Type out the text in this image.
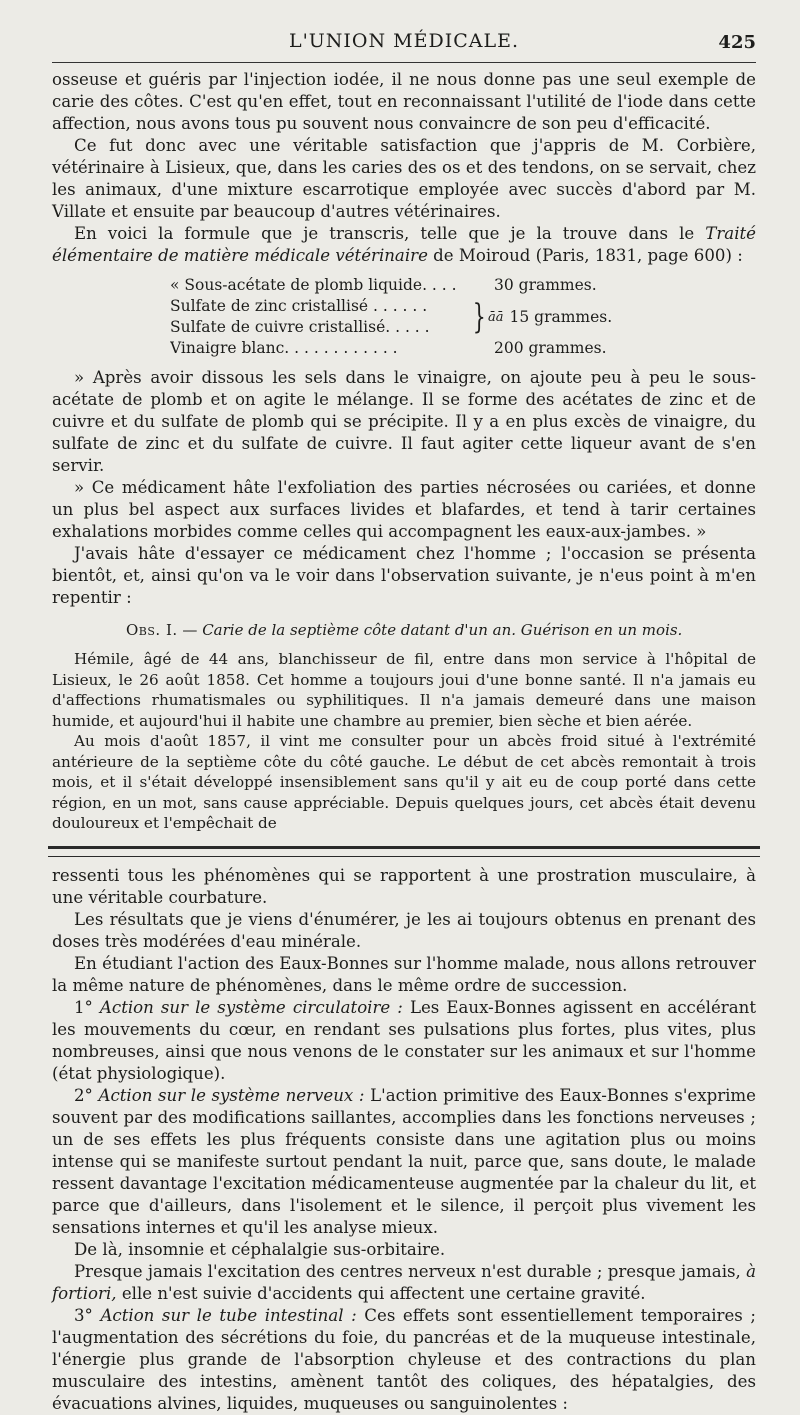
L'UNION MÉDICALE.	425

osseuse et guéris par l'injection iodée, il ne nous donne pas une seul exemple de carie des côtes. C'est qu'en effet, tout en reconnaissant l'utilité de l'iode dans cette affection, nous avons tous pu souvent nous convaincre de son peu d'efficacité.

Ce fut donc avec une véritable satisfaction que j'appris de M. Corbière, vétérinaire à Lisieux, que, dans les caries des os et des tendons, on se servait, chez les animaux, d'une mixture escarrotique employée avec succès d'abord par M. Villate et ensuite par beaucoup d'autres vétérinaires.

En voici la formule que je transcris, telle que je la trouve dans le Traité élémentaire de matière médicale vétérinaire de Moiroud (Paris, 1831, page 600) :

« Sous-acétate de plomb liquide. . . .	30 grammes.
Sulfate de zinc cristallisé . . . . . .
Sulfate de cuivre cristallisé. . . . .	} āā 15 grammes.
Vinaigre blanc. . . . . . . . . . . .	200 grammes.

» Après avoir dissous les sels dans le vinaigre, on ajoute peu à peu le sous-acétate de plomb et on agite le mélange. Il se forme des acétates de zinc et de cuivre et du sulfate de plomb qui se précipite. Il y a en plus excès de vinaigre, du sulfate de zinc et du sulfate de cuivre. Il faut agiter cette liqueur avant de s'en servir.

» Ce médicament hâte l'exfoliation des parties nécrosées ou cariées, et donne un plus bel aspect aux surfaces livides et blafardes, et tend à tarir certaines exhalations morbides comme celles qui accompagnent les eaux-aux-jambes. »

J'avais hâte d'essayer ce médicament chez l'homme ; l'occasion se présenta bientôt, et, ainsi qu'on va le voir dans l'observation suivante, je n'eus point à m'en repentir :

Obs. I. — Carie de la septième côte datant d'un an. Guérison en un mois.

Hémile, âgé de 44 ans, blanchisseur de fil, entre dans mon service à l'hôpital de Lisieux, le 26 août 1858. Cet homme a toujours joui d'une bonne santé. Il n'a jamais eu d'affections rhumatismales ou syphilitiques. Il n'a jamais demeuré dans une maison humide, et aujourd'hui il habite une chambre au premier, bien sèche et bien aérée.

Au mois d'août 1857, il vint me consulter pour un abcès froid situé à l'extrémité antérieure de la septième côte du côté gauche. Le début de cet abcès remontait à trois mois, et il s'était développé insensiblement sans qu'il y ait eu de coup porté dans cette région, en un mot, sans cause appréciable. Depuis quelques jours, cet abcès était devenu douloureux et l'empêchait de

ressenti tous les phénomènes qui se rapportent à une prostration musculaire, à une véritable courbature.

Les résultats que je viens d'énumérer, je les ai toujours obtenus en prenant des doses très modérées d'eau minérale.

En étudiant l'action des Eaux-Bonnes sur l'homme malade, nous allons retrouver la même nature de phénomènes, dans le même ordre de succession.

1° Action sur le système circulatoire : Les Eaux-Bonnes agissent en accélérant les mouvements du cœur, en rendant ses pulsations plus fortes, plus vites, plus nombreuses, ainsi que nous venons de le constater sur les animaux et sur l'homme (état physiologique).

2° Action sur le système nerveux : L'action primitive des Eaux-Bonnes s'exprime souvent par des modifications saillantes, accomplies dans les fonctions nerveuses ; un de ses effets les plus fréquents consiste dans une agitation plus ou moins intense qui se manifeste surtout pendant la nuit, parce que, sans doute, le malade ressent davantage l'excitation médicamenteuse augmentée par la chaleur du lit, et parce que d'ailleurs, dans l'isolement et le silence, il perçoit plus vivement les sensations internes et qu'il les analyse mieux.

De là, insomnie et céphalalgie sus-orbitaire.

Presque jamais l'excitation des centres nerveux n'est durable ; presque jamais, à fortiori, elle n'est suivie d'accidents qui affectent une certaine gravité.

3° Action sur le tube intestinal : Ces effets sont essentiellement temporaires ; l'augmentation des sécrétions du foie, du pancréas et de la muqueuse intestinale, l'énergie plus grande de l'absorption chyleuse et des contractions du plan musculaire des intestins, amènent tantôt des coliques, des hépatalgies, des évacuations alvines, liquides, muqueuses ou sanguinolentes :
